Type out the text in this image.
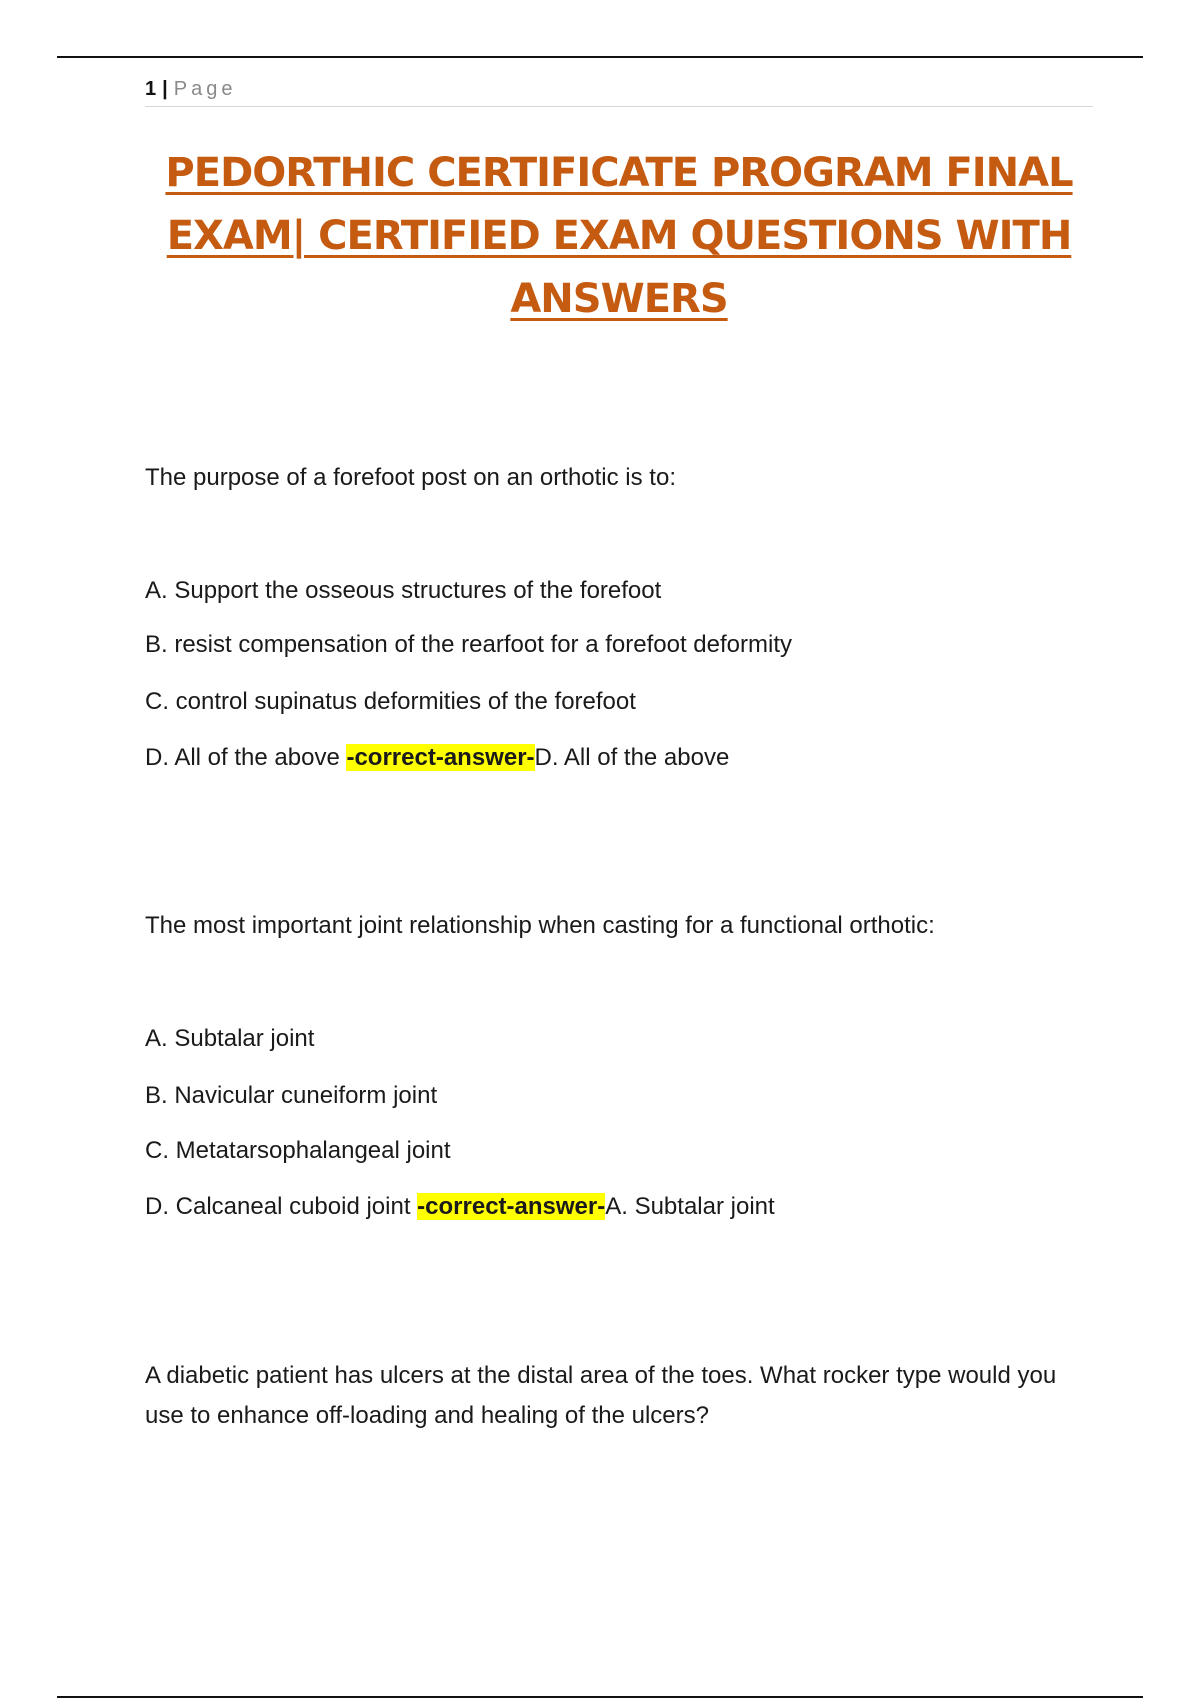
1 | Page
PEDORTHIC CERTIFICATE PROGRAM FINAL EXAM| CERTIFIED EXAM QUESTIONS WITH ANSWERS

The purpose of a forefoot post on an orthotic is to:

A. Support the osseous structures of the forefoot

B. resist compensation of the rearfoot for a forefoot deformity

C. control supinatus deformities of the forefoot

D. All of the above -correct-answer-D. All of the above

The most important joint relationship when casting for a functional orthotic:

A. Subtalar joint

B. Navicular cuneiform joint

C. Metatarsophalangeal joint

D. Calcaneal cuboid joint -correct-answer-A. Subtalar joint

A diabetic patient has ulcers at the distal area of the toes. What rocker type would you use to enhance off-loading and healing of the ulcers?
